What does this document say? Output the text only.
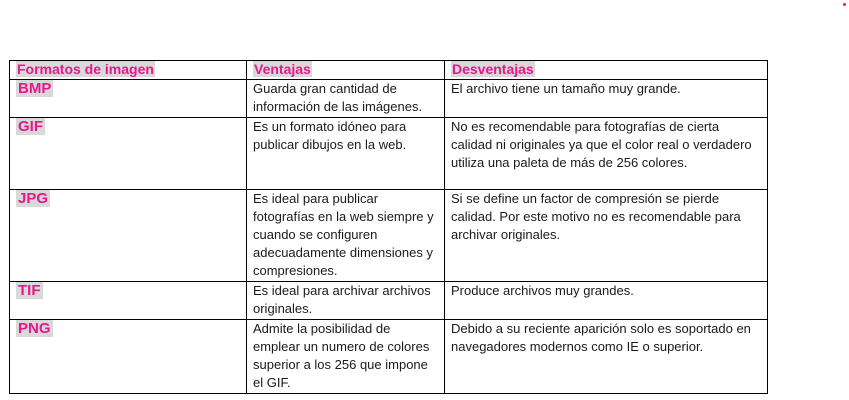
Formatos de imagen	Ventajas	Desventajas
BMP	Guarda gran cantidad de información de las imágenes.	El archivo tiene un tamaño muy grande.
GIF	Es un formato idóneo para publicar dibujos en la web.	No es recomendable para fotografías de cierta calidad ni originales ya que el color real o verdadero utiliza una paleta de más de 256 colores.
JPG	Es ideal para publicar fotografías en la web siempre y cuando se configuren adecuadamente dimensiones y compresiones.	Si se define un factor de compresión se pierde calidad. Por este motivo no es recomendable para archivar originales.
TIF	Es ideal para archivar archivos originales.	Produce archivos muy grandes.
PNG	Admite la posibilidad de emplear un numero de colores superior a los 256 que impone el GIF.	Debido a su reciente aparición solo es soportado en navegadores modernos como IE o superior.
